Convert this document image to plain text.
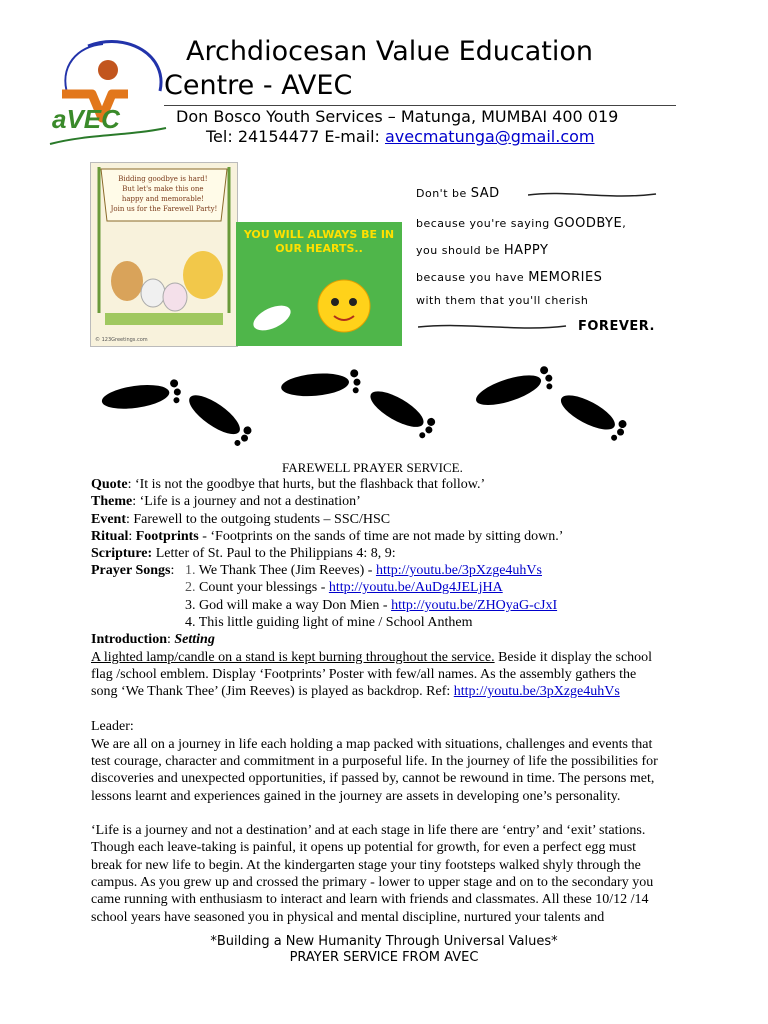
aVEC
Archdiocesan Value Education
Centre - AVEC
Don Bosco Youth Services – Matunga, MUMBAI 400 019
Tel: 24154477 E-mail: avecmatunga@gmail.com
Bidding goodbye is hard! But let's make this one happy and memorable! Join us for the Farewell Party!
© 123Greetings.com
YOU WILL ALWAYS BE IN OUR HEARTS..
Don't be SAD
because you're saying GOODBYE,
you should be HAPPY
because you have MEMORIES
with them that you'll cherish
FOREVER.
FAREWELL PRAYER SERVICE.
Quote: ‘It is not the goodbye that hurts, but the flashback that follow.’
Theme: ‘Life is a journey and not a destination’
Event: Farewell to the outgoing students – SSC/HSC
Ritual: Footprints - ‘Footprints on the sands of time are not made by sitting down.’
Scripture: Letter of St. Paul to the Philippians 4: 8, 9:
Prayer Songs: 1. We Thank Thee (Jim Reeves) - http://youtu.be/3pXzge4uhVs
2. Count your blessings - http://youtu.be/AuDg4JELjHA
3. God will make a way Don Mien - http://youtu.be/ZHOyaG-cJxI
4. This little guiding light of mine / School Anthem
Introduction: Setting
A lighted lamp/candle on a stand is kept burning throughout the service. Beside it display the school
flag /school emblem. Display ‘Footprints’ Poster with few/all names. As the assembly gathers the
song ‘We Thank Thee’ (Jim Reeves) is played as backdrop. Ref: http://youtu.be/3pXzge4uhVs
Leader:
We are all on a journey in life each holding a map packed with situations, challenges and events that
test courage, character and commitment in a purposeful life. In the journey of life the possibilities for
discoveries and unexpected opportunities, if passed by, cannot be rewound in time. The persons met,
lessons learnt and experiences gained in the journey are assets in developing one’s personality.
‘Life is a journey and not a destination’ and at each stage in life there are ‘entry’ and ‘exit’ stations.
Though each leave-taking is painful, it opens up potential for growth, for even a perfect egg must
break for new life to begin. At the kindergarten stage your tiny footsteps walked shyly through the
campus. As you grew up and crossed the primary - lower to upper stage and on to the secondary you
came running with enthusiasm to interact and learn with friends and classmates. All these 10/12 /14
school years have seasoned you in physical and mental discipline, nurtured your talents and
*Building a New Humanity Through Universal Values*
PRAYER SERVICE FROM AVEC
